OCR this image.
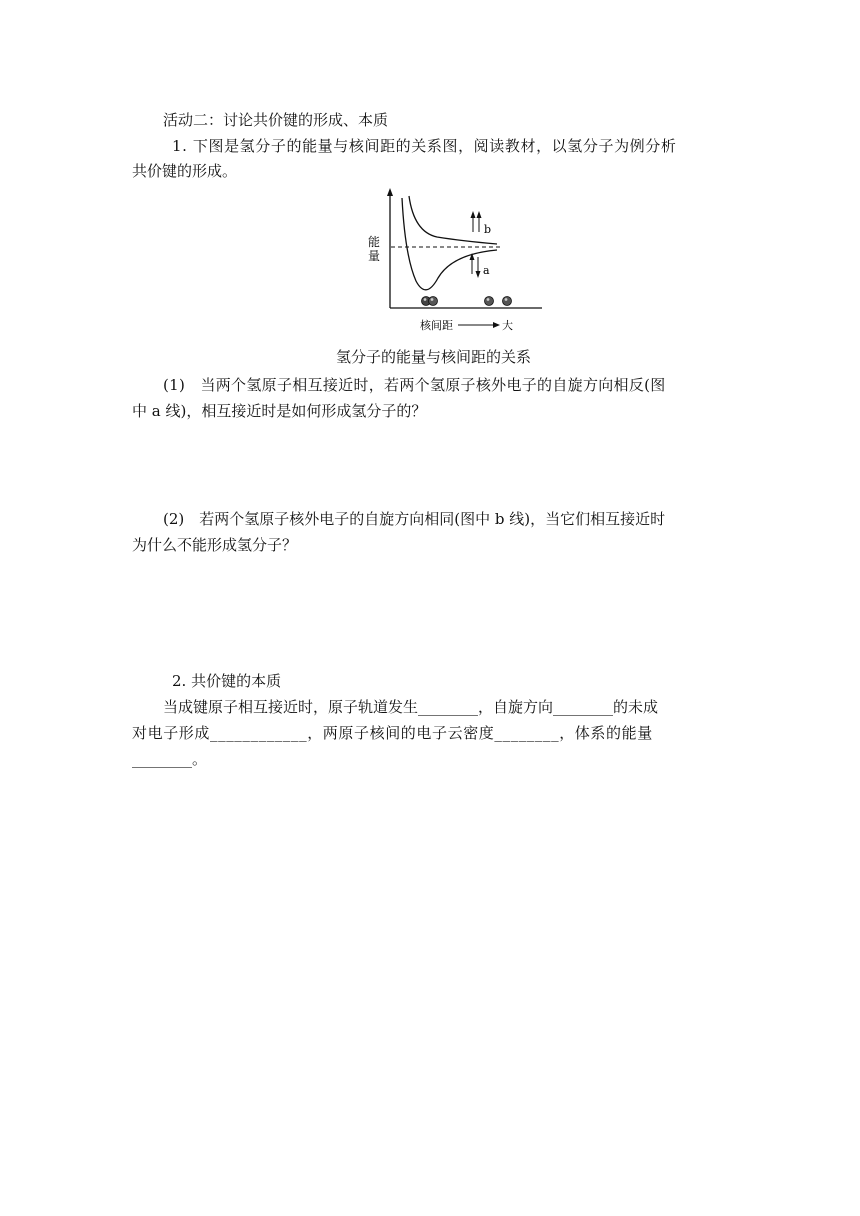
活动二：讨论共价键的形成、本质
1. 下图是氢分子的能量与核间距的关系图，阅读教材，以氢分子为例分析
共价键的形成。
b
a
能
量
核间距	大
氢分子的能量与核间距的关系
(1)　当两个氢原子相互接近时，若两个氢原子核外电子的自旋方向相反(图
中 a 线)，相互接近时是如何形成氢分子的？
(2)　若两个氢原子核外电子的自旋方向相同(图中 b 线)，当它们相互接近时
为什么不能形成氢分子？
2. 共价键的本质
当成键原子相互接近时，原子轨道发生________，自旋方向________的未成
对电子形成____________，两原子核间的电子云密度________，体系的能量
________。
